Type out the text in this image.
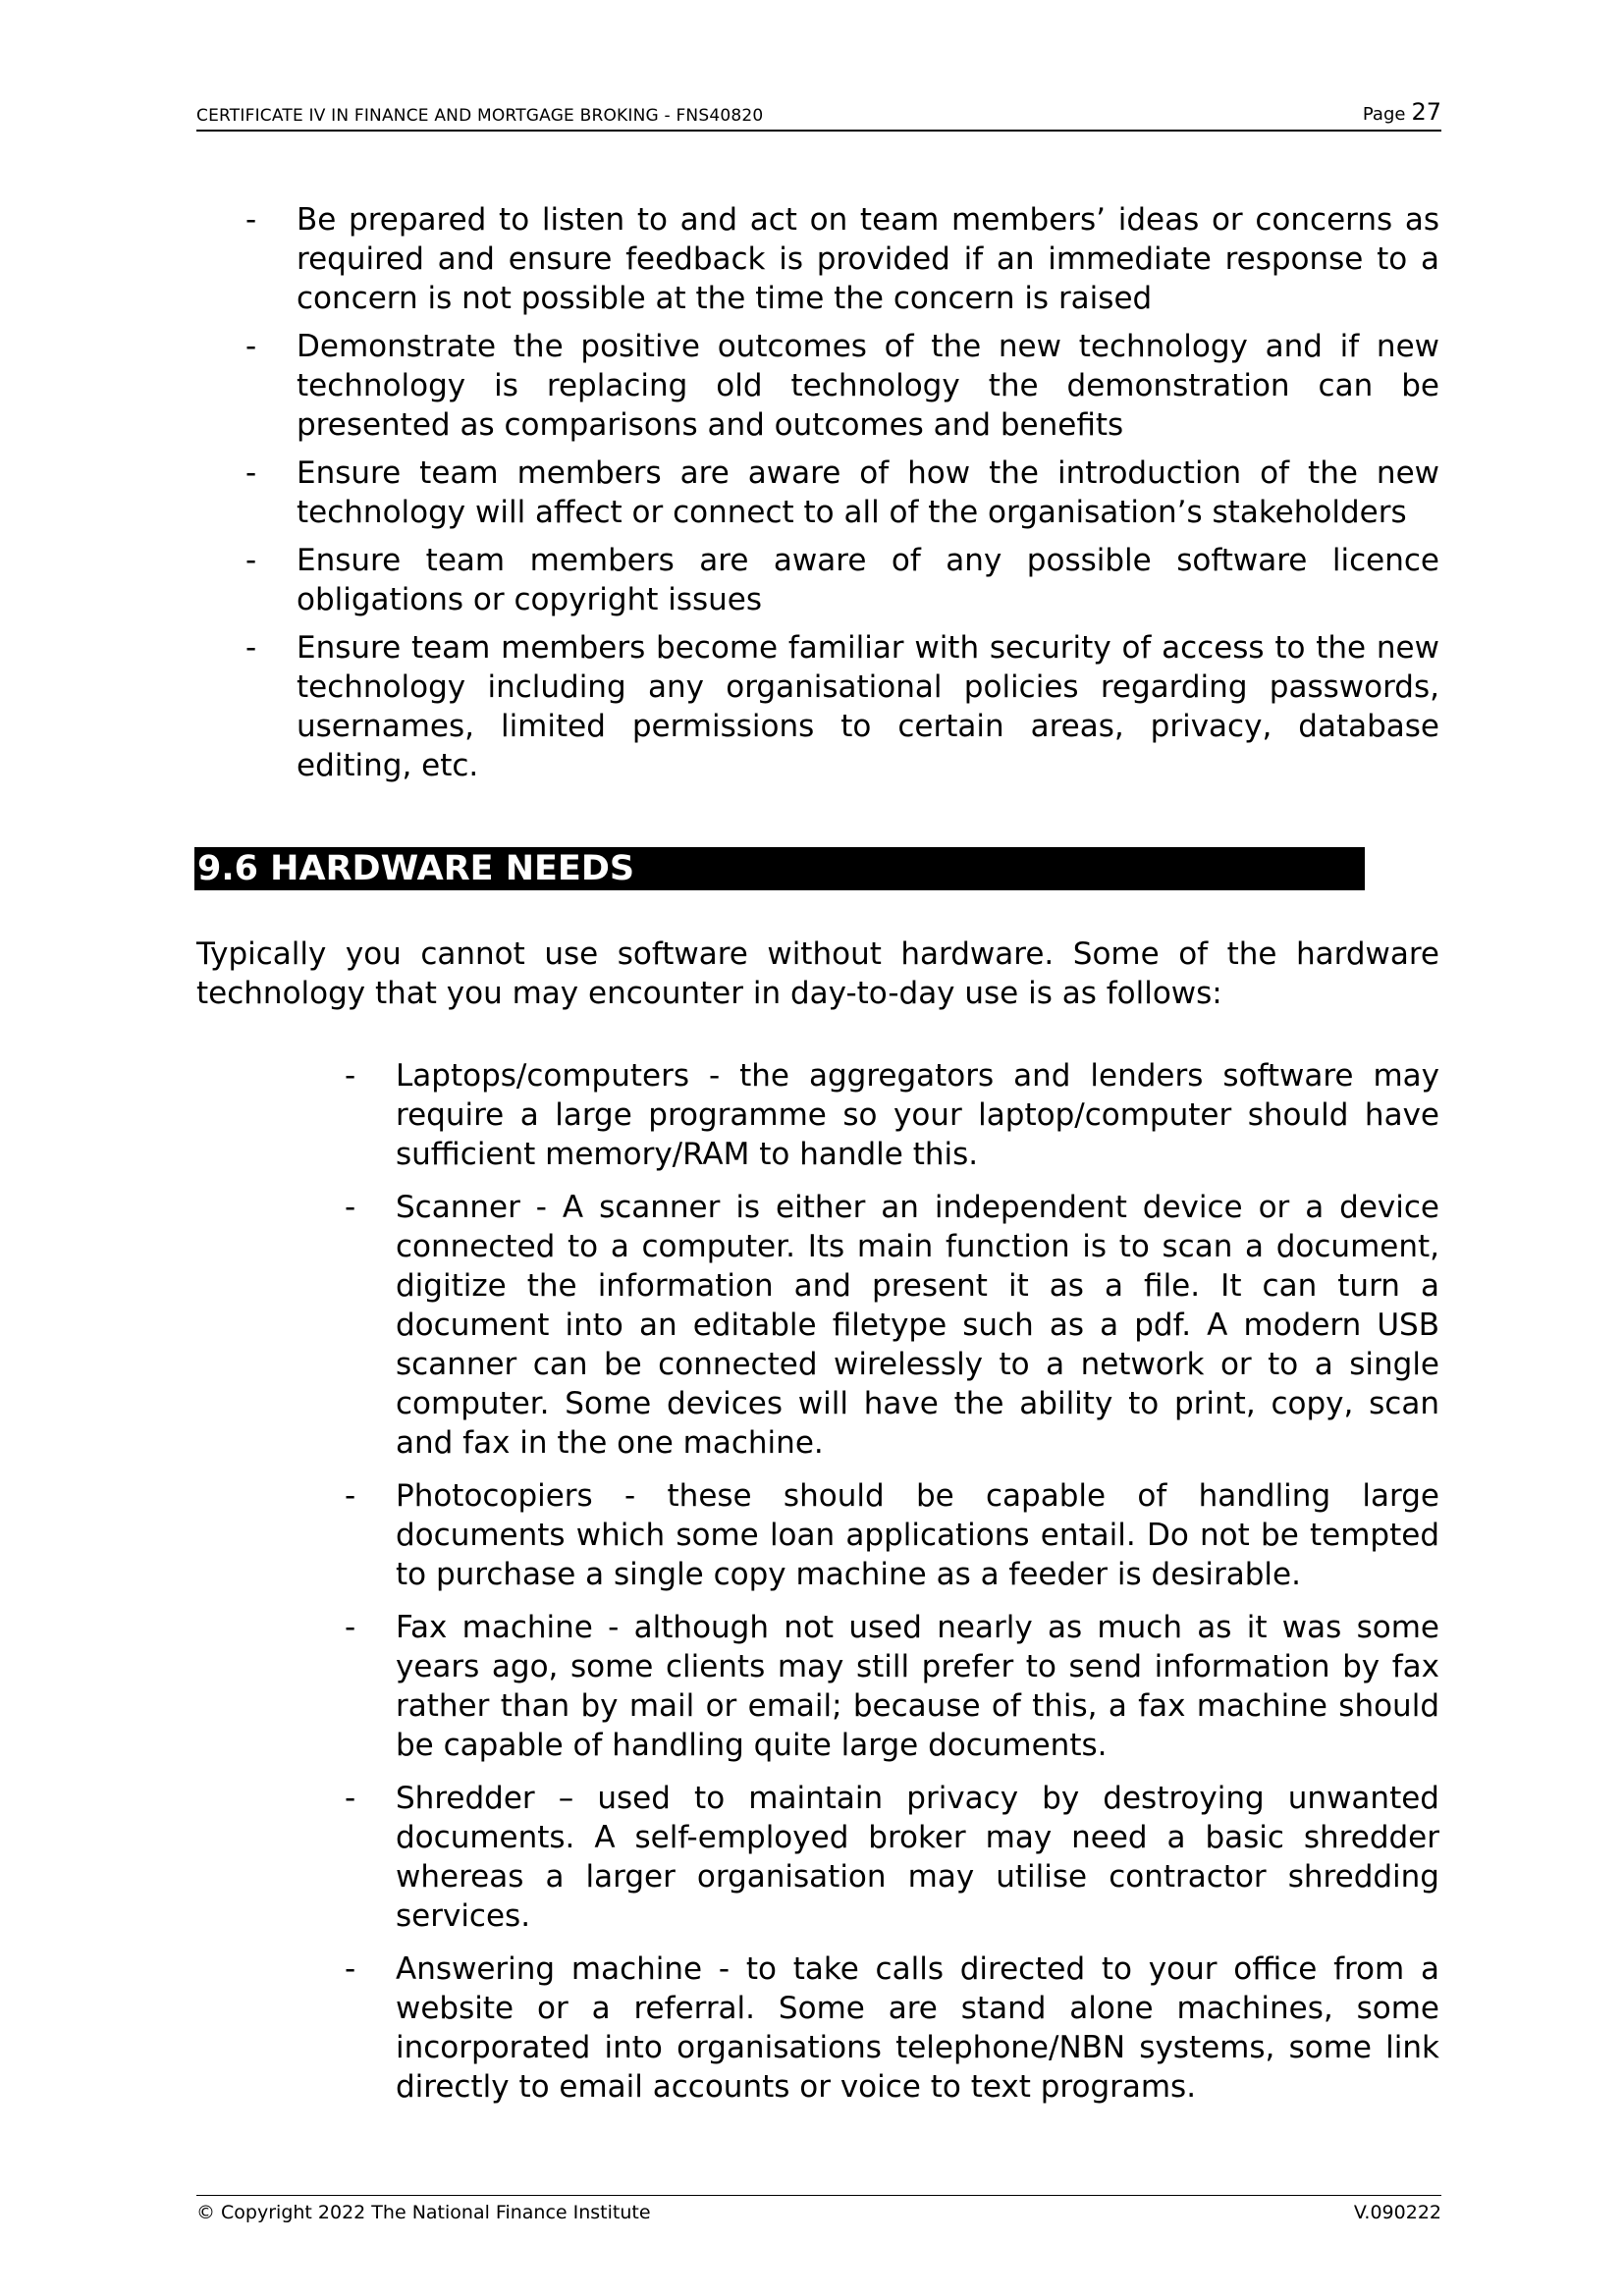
CERTIFICATE IV IN FINANCE AND MORTGAGE BROKING - FNS40820	Page 27
- Be prepared to listen to and act on team members’ ideas or concerns as required and ensure feedback is provided if an immediate response to a concern is not possible at the time the concern is raised
- Demonstrate the positive outcomes of the new technology and if new technology is replacing old technology the demonstration can be presented as comparisons and outcomes and benefits
- Ensure team members are aware of how the introduction of the new technology will affect or connect to all of the organisation’s stakeholders
- Ensure team members are aware of any possible software licence obligations or copyright issues
- Ensure team members become familiar with security of access to the new technology including any organisational policies regarding passwords, usernames, limited permissions to certain areas, privacy, database editing, etc.
9.6 HARDWARE NEEDS

Typically you cannot use software without hardware. Some of the hardware technology that you may encounter in day-to-day use is as follows:

- Laptops/computers - the aggregators and lenders software may require a large programme so your laptop/computer should have sufficient memory/RAM to handle this.
- Scanner - A scanner is either an independent device or a device connected to a computer. Its main function is to scan a document, digitize the information and present it as a file. It can turn a document into an editable filetype such as a pdf. A modern USB scanner can be connected wirelessly to a network or to a single computer. Some devices will have the ability to print, copy, scan and fax in the one machine.
- Photocopiers - these should be capable of handling large documents which some loan applications entail. Do not be tempted to purchase a single copy machine as a feeder is desirable.
- Fax machine - although not used nearly as much as it was some years ago, some clients may still prefer to send information by fax rather than by mail or email; because of this, a fax machine should be capable of handling quite large documents.
- Shredder – used to maintain privacy by destroying unwanted documents. A self-employed broker may need a basic shredder whereas a larger organisation may utilise contractor shredding services.
- Answering machine - to take calls directed to your office from a website or a referral. Some are stand alone machines, some incorporated into organisations telephone/NBN systems, some link directly to email accounts or voice to text programs.
© Copyright 2022 The National Finance Institute	V.090222
